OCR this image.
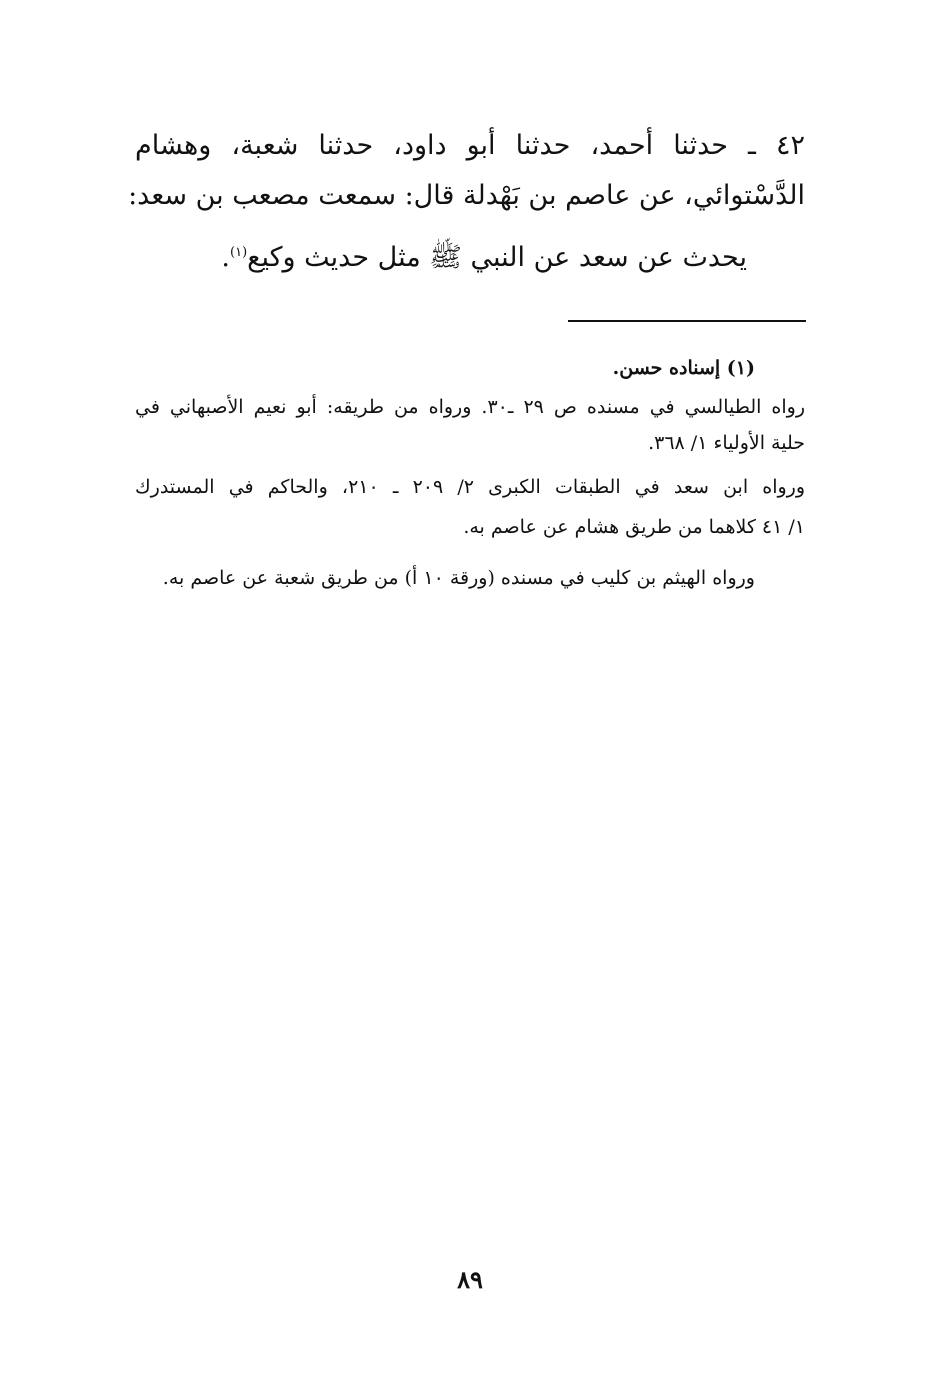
٤٢ ـ حدثنا أحمد، حدثنا أبو داود، حدثنا شعبة، وهشام

الدَّسْتوائي، عن عاصم بن بَهْدلة قال: سمعت مصعب بن سعد:

يحدث عن سعد عن النبي ﷺ مثل حديث وكيع$^{(١)}$.

(١) إسناده حسن.

رواه الطيالسي في مسنده ص ٢٩ ـ٣٠. ورواه من طريقه: أبو نعيم الأصبهاني في

حلية الأولياء ١/ ٣٦٨.

ورواه ابن سعد في الطبقات الكبرى ٢/ ٢٠٩ ـ ٢١٠، والحاكم في المستدرك

١/ ٤١ كلاهما من طريق هشام عن عاصم به.

ورواه الهيثم بن كليب في مسنده (ورقة ١٠ أ) من طريق شعبة عن عاصم به.

٨٩
